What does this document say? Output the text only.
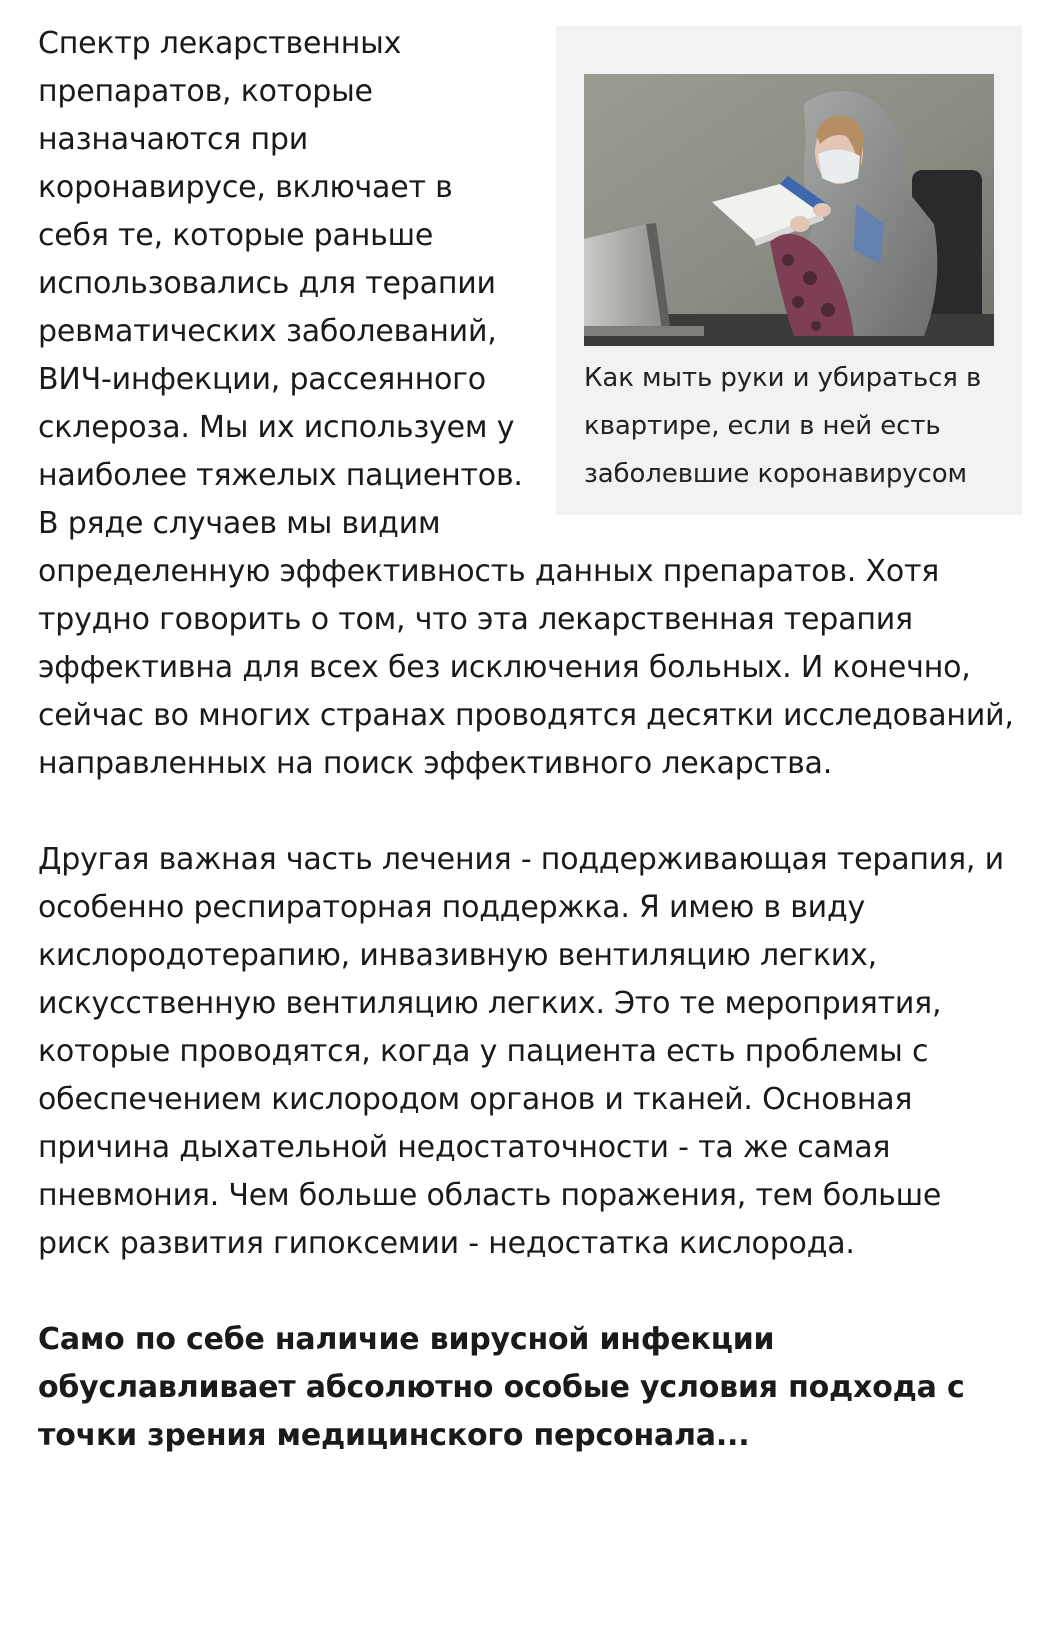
Как мыть руки и убираться в квартире, если в ней есть заболевшие коронавирусом

Спектр лекарственных препаратов, которые назначаются при коронавирусе, включает в себя те, которые раньше использовались для терапии ревматических заболеваний, ВИЧ-инфекции, рассеянного склероза. Мы их используем у наиболее тяжелых пациентов. В ряде случаев мы видим определенную эффективность данных препаратов. Хотя трудно говорить о том, что эта лекарственная терапия эффективна для всех без исключения больных. И конечно, сейчас во многих странах проводятся десятки исследований, направленных на поиск эффективного лекарства.

Другая важная часть лечения - поддерживающая терапия, и особенно респираторная поддержка. Я имею в виду кислородотерапию, инвазивную вентиляцию легких, искусственную вентиляцию легких. Это те мероприятия, которые проводятся, когда у пациента есть проблемы с обеспечением кислородом органов и тканей. Основная причина дыхательной недостаточности - та же самая пневмония. Чем больше область поражения, тем больше риск развития гипоксемии - недостатка кислорода.

Само по себе наличие вирусной инфекции обуславливает абсолютно особые условия подхода с точки зрения медицинского персонала...
